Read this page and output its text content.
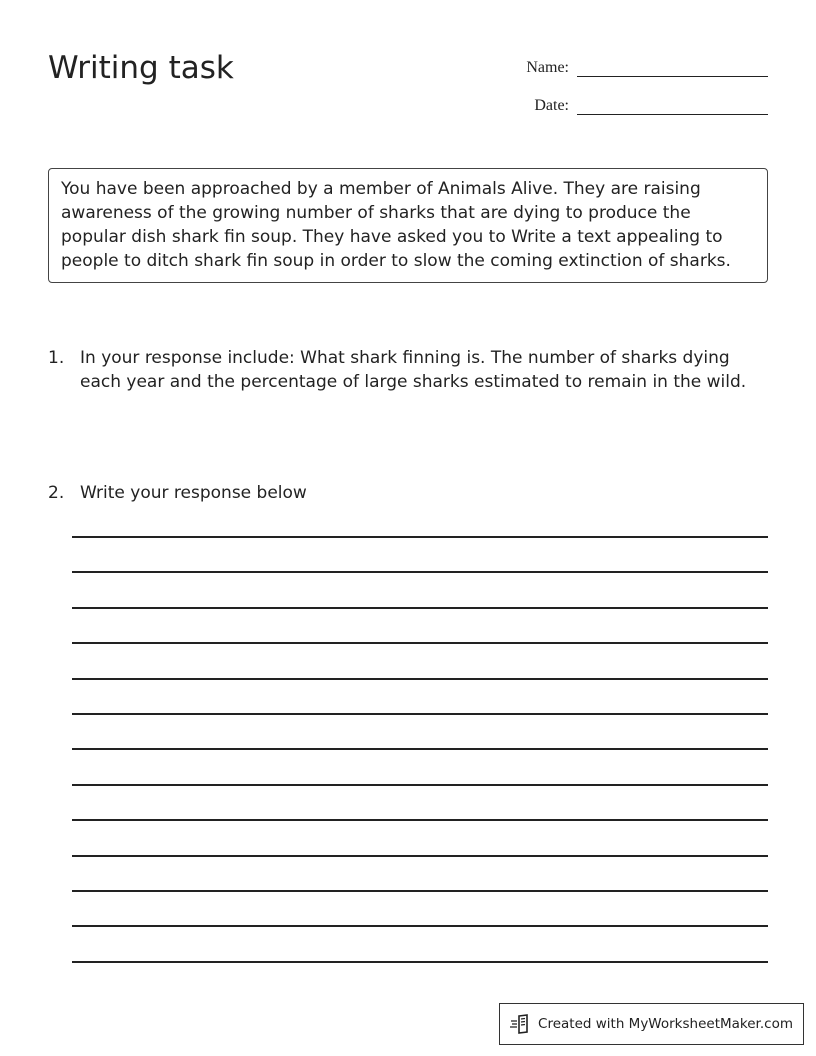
Writing task	Name:
Date:
You have been approached by a member of Animals Alive. They are raising awareness of the growing number of sharks that are dying to produce the popular dish shark fin soup. They have asked you to Write a text appealing to people to ditch shark fin soup in order to slow the coming extinction of sharks.
1. In your response include: What shark finning is. The number of sharks dying each year and the percentage of large sharks estimated to remain in the wild.
2. Write your response below
Created with MyWorksheetMaker.com
